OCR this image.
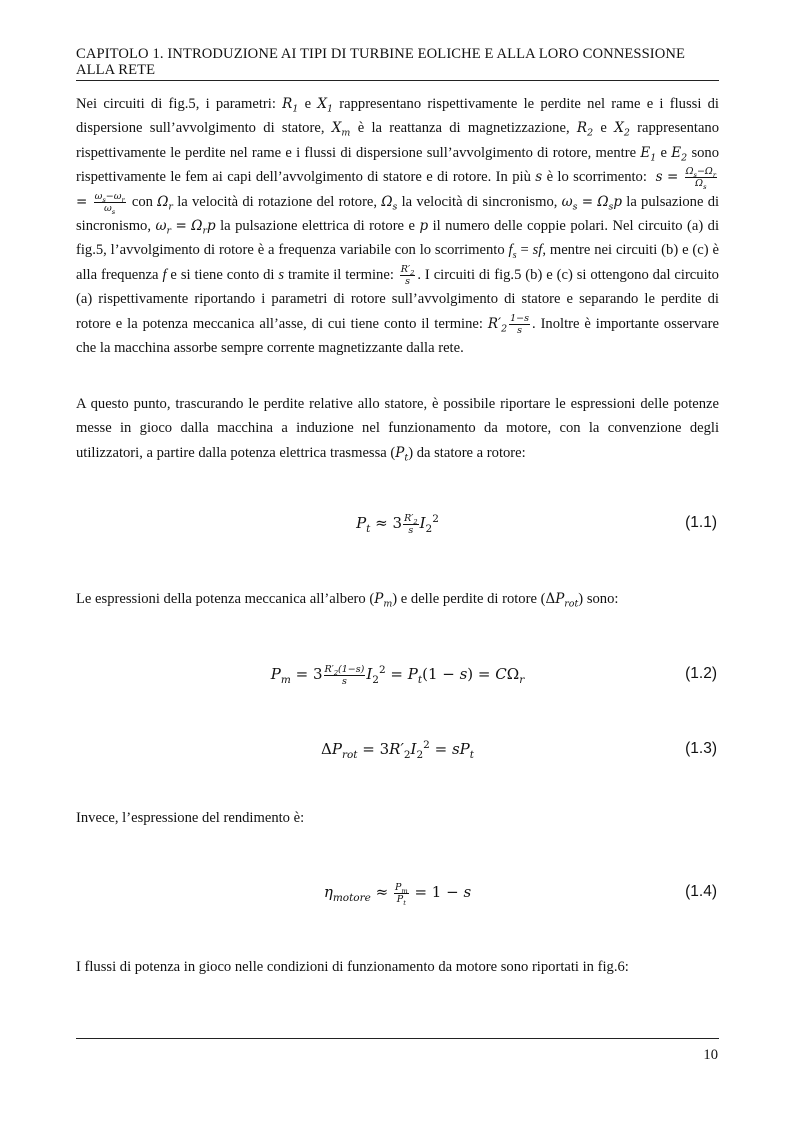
CAPITOLO 1. INTRODUZIONE AI TIPI DI TURBINE EOLICHE E ALLA LORO CONNESSIONE ALLA RETE

Nei circuiti di fig.5, i parametri: $R_1$ e $X_1$ rappresentano rispettivamente le perdite nel rame e i flussi di dispersione sull’avvolgimento di statore, $X_m$ è la reattanza di magnetizzazione, $R_2$ e $X_2$ rappresentano rispettivamente le perdite nel rame e i flussi di dispersione sull’avvolgimento di rotore, mentre $E_1$ e $E_2$ sono rispettivamente le fem ai capi dell’avvolgimento di statore e di rotore. In più s è lo scorrimento: $s = \frac{\Omega_s-\Omega_r}{\Omega_s}$
= $\frac{\omega_s-\omega_r}{\omega_s}$ con $\Omega_r$ la velocità di rotazione del rotore, $\Omega_s$ la velocità di sincronismo, $\omega_s = \Omega_sp$ la pulsazione di sincronismo, $\omega_r = \Omega_rp$ la pulsazione elettrica di rotore e p il numero delle coppie polari. Nel circuito (a) di fig.5, l’avvolgimento di rotore è a frequenza variabile con lo scorrimento $f_s$ = sf, mentre nei circuiti (b) e (c) è alla frequenza f e si tiene conto di s tramite il termine: $\frac{R'_2}{s}$ . I circuiti di fig.5 (b) e (c) si ottengono dal circuito (a) rispettivamente riportando i parametri di rotore sull’avvolgimento di statore e separando le perdite di rotore e la potenza meccanica all’asse, di cui tiene conto il termine: $R'_2 \frac{1-s}{s}$ . Inoltre è importante osservare che la macchina assorbe sempre corrente magnetizzante dalla rete.

A questo punto, trascurando le perdite relative allo statore, è possibile riportare le espressioni delle potenze messe in gioco dalla macchina a induzione nel funzionamento da motore, con la convenzione degli utilizzatori, a partire dalla potenza elettrica trasmessa $(P_t)$ da statore a rotore:

$P_t \approx 3 \frac{R'_2}{s} I_2^2$	(1.1)

Le espressioni della potenza meccanica all’albero $(P_m)$ e delle perdite di rotore $(\Delta P_{rot})$ sono:

$P_m = 3 \frac{R'_2(1-s)}{s} I_2^2 = P_t(1 - s) = C\Omega_r$	(1.2)
$\Delta P_{rot} = 3R'_2I_2^2 = sP_t$	(1.3)

Invece, l’espressione del rendimento è:

$\eta_{motore} \approx \frac{P_m}{P_t} = 1 - s$	(1.4)

I flussi di potenza in gioco nelle condizioni di funzionamento da motore sono riportati in fig.6:

10
